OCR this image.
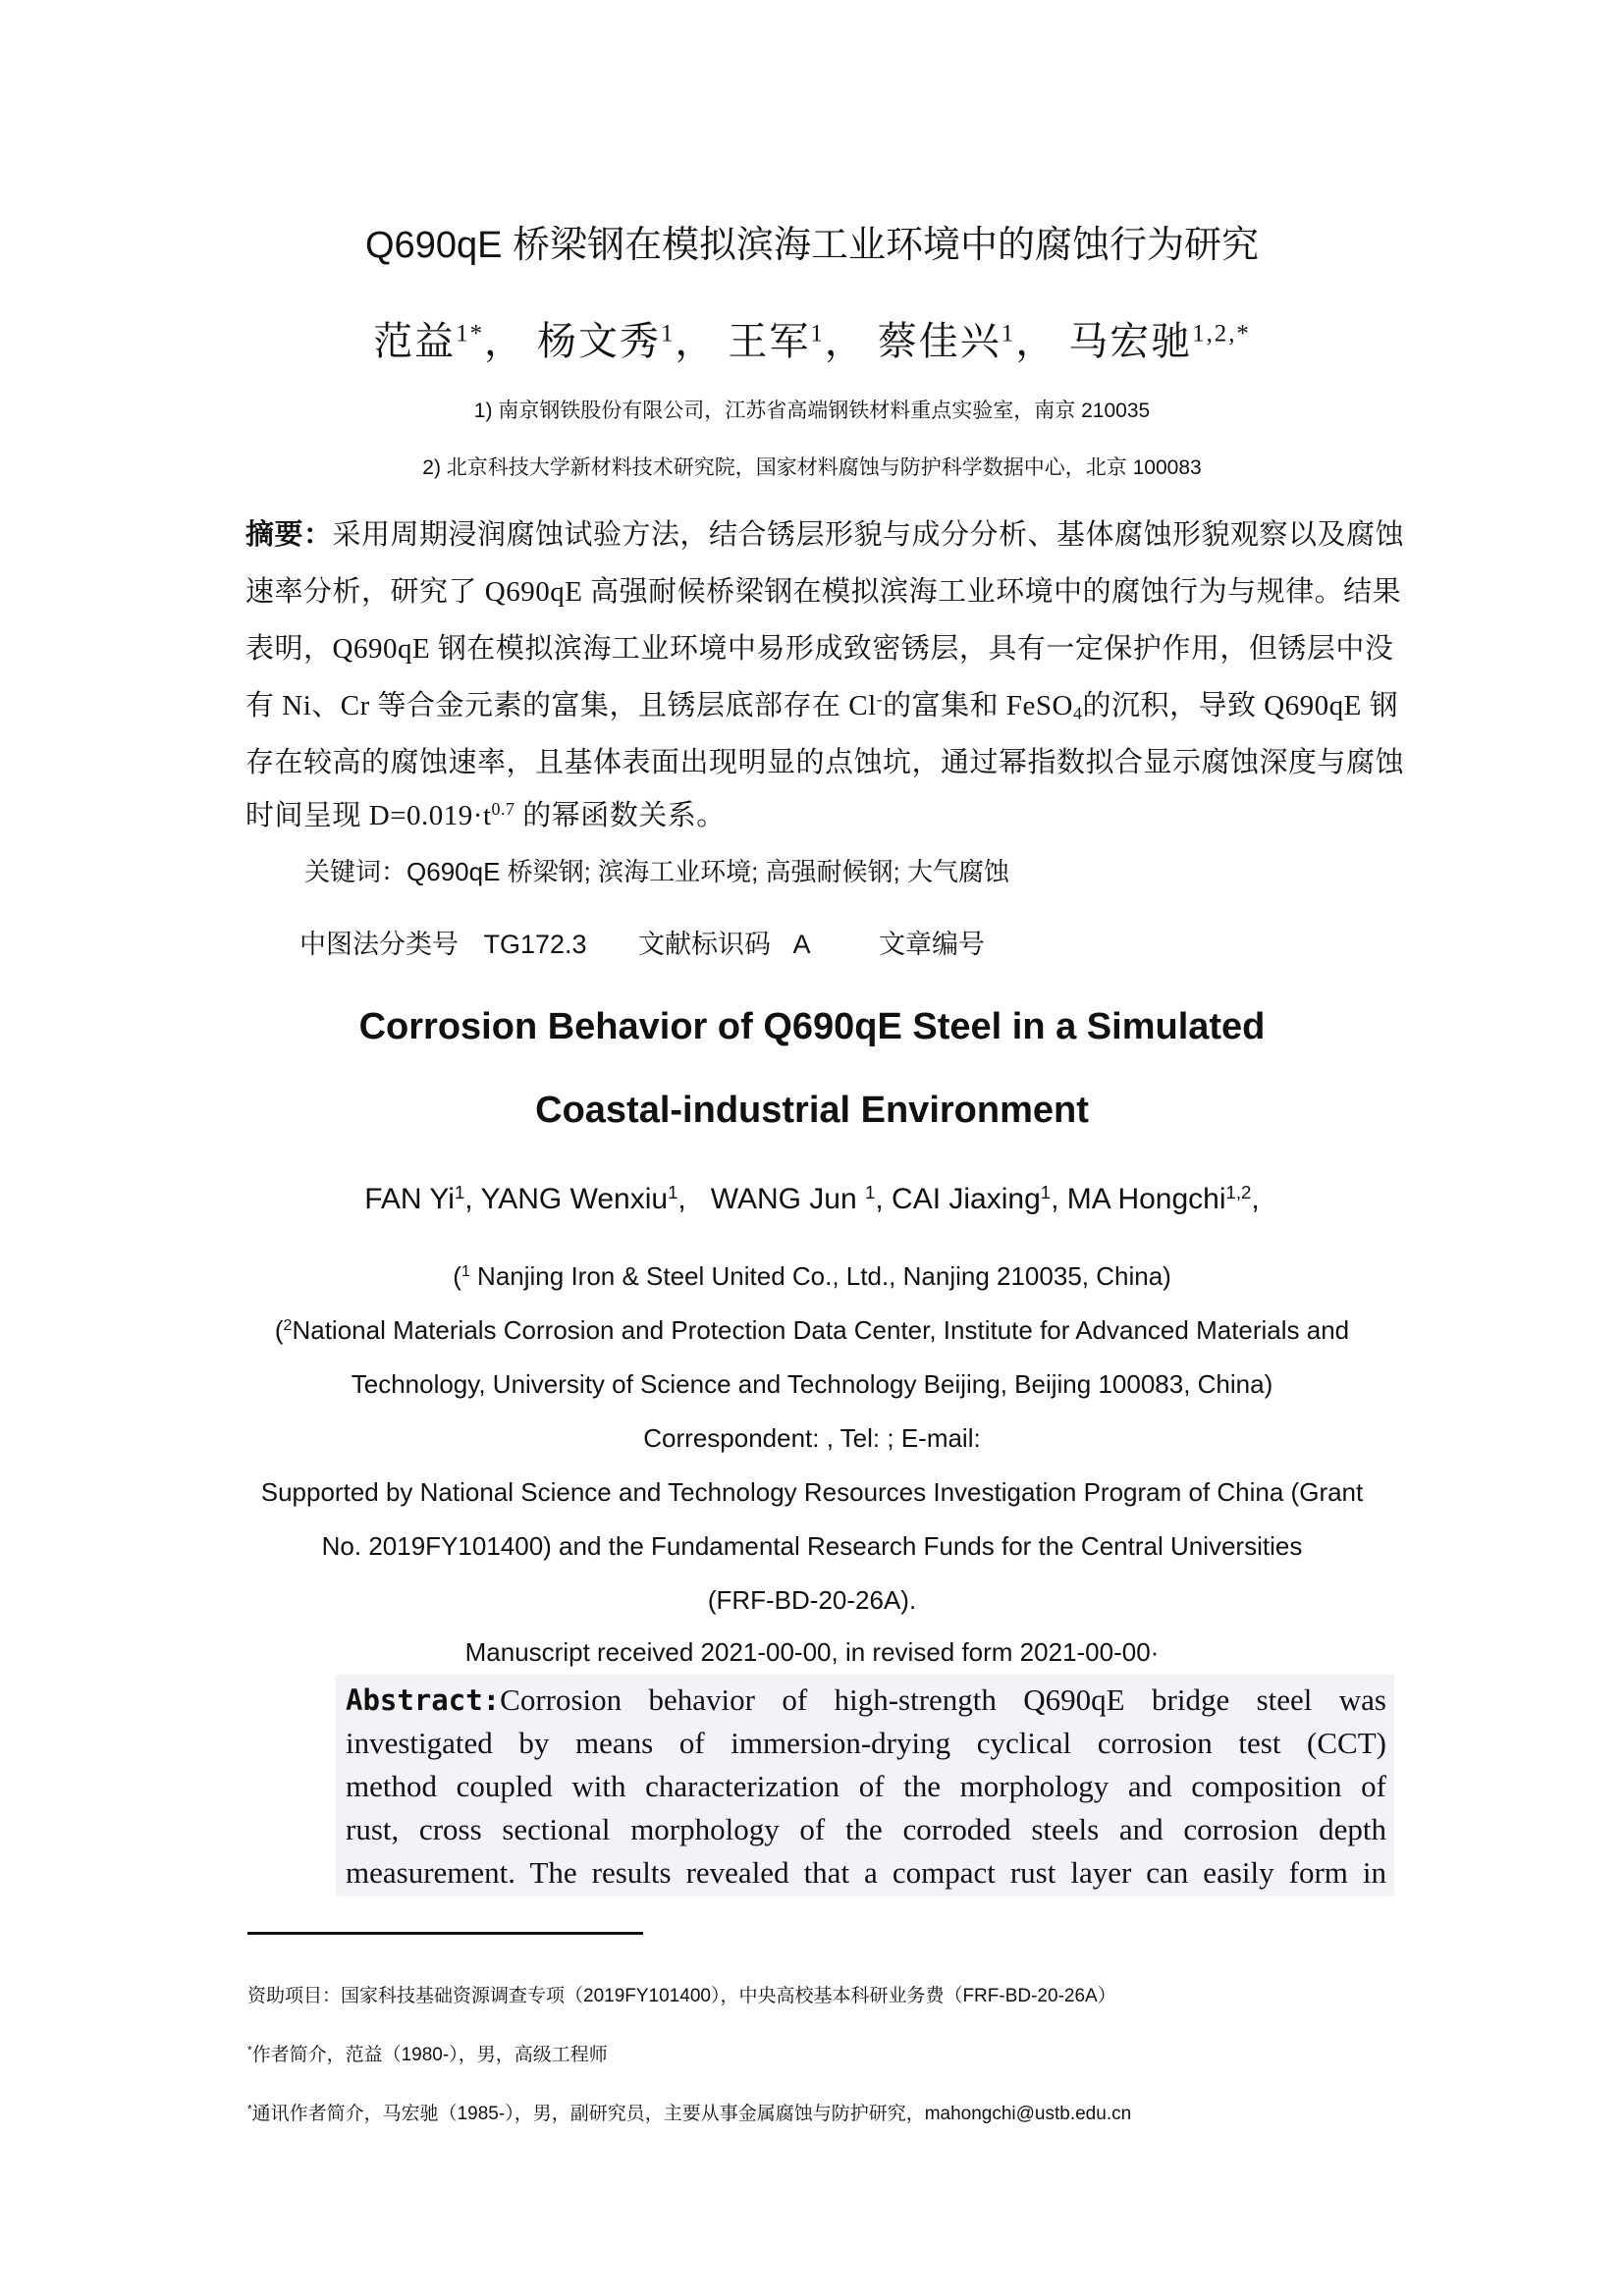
Q690qE 桥梁钢在模拟滨海工业环境中的腐蚀行为研究
范益$^{1*}$， 杨文秀$^1$， 王军$^1$， 蔡佳兴$^1$， 马宏驰$^{1,2,*}$
1) 南京钢铁股份有限公司，江苏省高端钢铁材料重点实验室，南京 210035
2) 北京科技大学新材料技术研究院，国家材料腐蚀与防护科学数据中心，北京 100083
摘要：采用周期浸润腐蚀试验方法，结合锈层形貌与成分分析、基体腐蚀形貌观察以及腐蚀
速率分析，研究了 Q690qE 高强耐候桥梁钢在模拟滨海工业环境中的腐蚀行为与规律。结果
表明，Q690qE 钢在模拟滨海工业环境中易形成致密锈层，具有一定保护作用，但锈层中没
有 Ni、Cr 等合金元素的富集，且锈层底部存在 Cl-的富集和 FeSO$_4$的沉积，导致 Q690qE 钢
存在较高的腐蚀速率，且基体表面出现明显的点蚀坑，通过幂指数拟合显示腐蚀深度与腐蚀
时间呈现 $D=0.019\cdot t^{0.7}$ 的幂函数关系。
关键词：Q690qE 桥梁钢; 滨海工业环境; 高强耐候钢; 大气腐蚀
中图法分类号 TG172.3 文献标识码 A	文章编号
Corrosion Behavior of Q690qE Steel in a Simulated
Coastal-industrial Environment
FAN Yi$^1$, YANG Wenxiu$^1$,   WANG Jun $^1$, CAI Jiaxing$^1$, MA Hongchi$^{1,2}$,
($^1$ Nanjing Iron & Steel United Co., Ltd., Nanjing 210035, China)
($^2$National Materials Corrosion and Protection Data Center, Institute for Advanced Materials and
Technology, University of Science and Technology Beijing, Beijing 100083, China)
Correspondent: , Tel: ; E-mail:
Supported by National Science and Technology Resources Investigation Program of China (Grant
No. 2019FY101400) and the Fundamental Research Funds for the Central Universities
(FRF-BD-20-26A).
Manuscript received 2021-00-00, in revised form 2021-00-00·
Abstract:Corrosion behavior of high-strength Q690qE bridge steel was
investigated by means of immersion-drying cyclical corrosion test (CCT)
method coupled with characterization of the morphology and composition of
rust, cross sectional morphology of the corroded steels and corrosion depth
measurement. The results revealed that a compact rust layer can easily form in
资助项目：国家科技基础资源调查专项（2019FY101400），中央高校基本科研业务费（FRF-BD-20-26A）
*作者简介，范益（1980-），男，高级工程师
*通讯作者简介，马宏驰（1985-），男，副研究员，主要从事金属腐蚀与防护研究，mahongchi@ustb.edu.cn
